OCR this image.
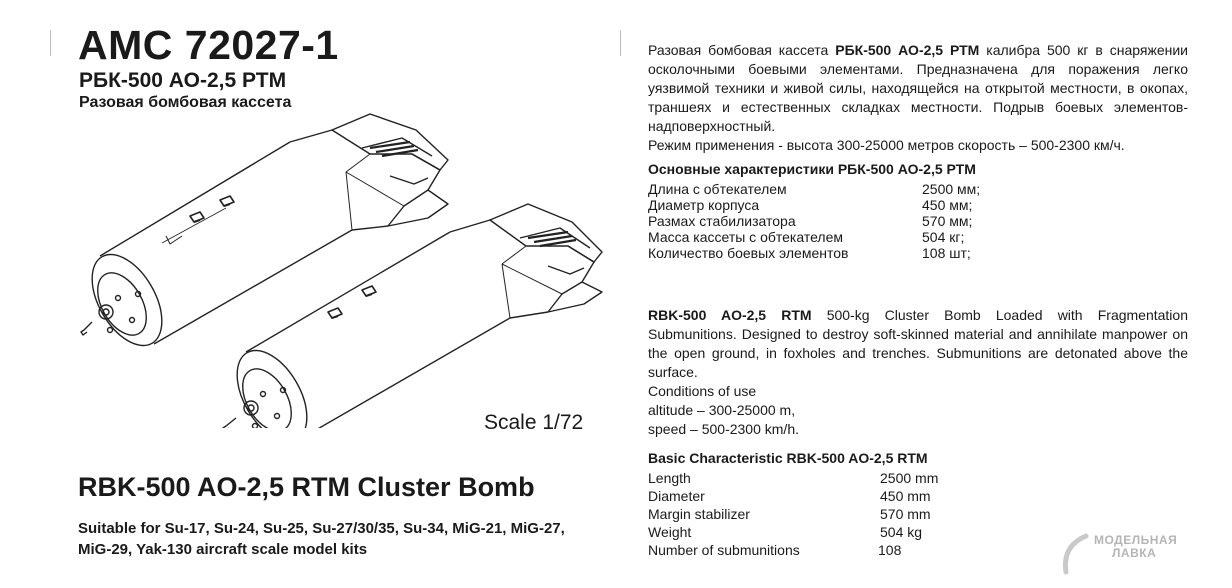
AMC 72027-1
РБК-500 АО-2,5 РТМ
Разовая бомбовая кассета
Scale 1/72
RBK-500 AO-2,5 RTM Cluster Bomb
Suitable for Su-17, Su-24, Su-25, Su-27/30/35, Su-34, MiG-21, MiG-27, MiG-29, Yak-130 aircraft scale model kits
Разовая бомбовая кассета РБК-500 АО-2,5 РТМ калибра 500 кг в снаряжении осколочными боевыми элементами. Предназначена для поражения легко уязвимой техники и живой силы, находящейся на открытой местности, в окопах, траншеях и естественных складках местности. Подрыв боевых элементов- надповерхностный.
Режим применения - высота 300-25000 метров скорость – 500-2300 км/ч.
Основные характеристики РБК-500 АО-2,5 РТМ
Длина с обтекателем	2500 мм;
Диаметр корпуса	450 мм;
Размах стабилизатора	570 мм;
Масса кассеты с обтекателем	504 кг;
Количество боевых элементов	108 шт;
RBK-500 AO-2,5 RTM 500-kg Cluster Bomb Loaded with Fragmentation Submunitions. Designed to destroy soft-skinned material and annihilate manpower on the open ground, in foxholes and trenches. Submunitions are detonated above the surface.
Conditions of use
altitude – 300-25000 m,
speed – 500-2300 km/h.
Basic Characteristic RBK-500 AO-2,5 RTM
Length	2500 mm
Diameter	450 mm
Margin stabilizer	570 mm
Weight	504 kg
Number of submunitions	108
МОДЕЛЬНАЯ
ЛАВКА
